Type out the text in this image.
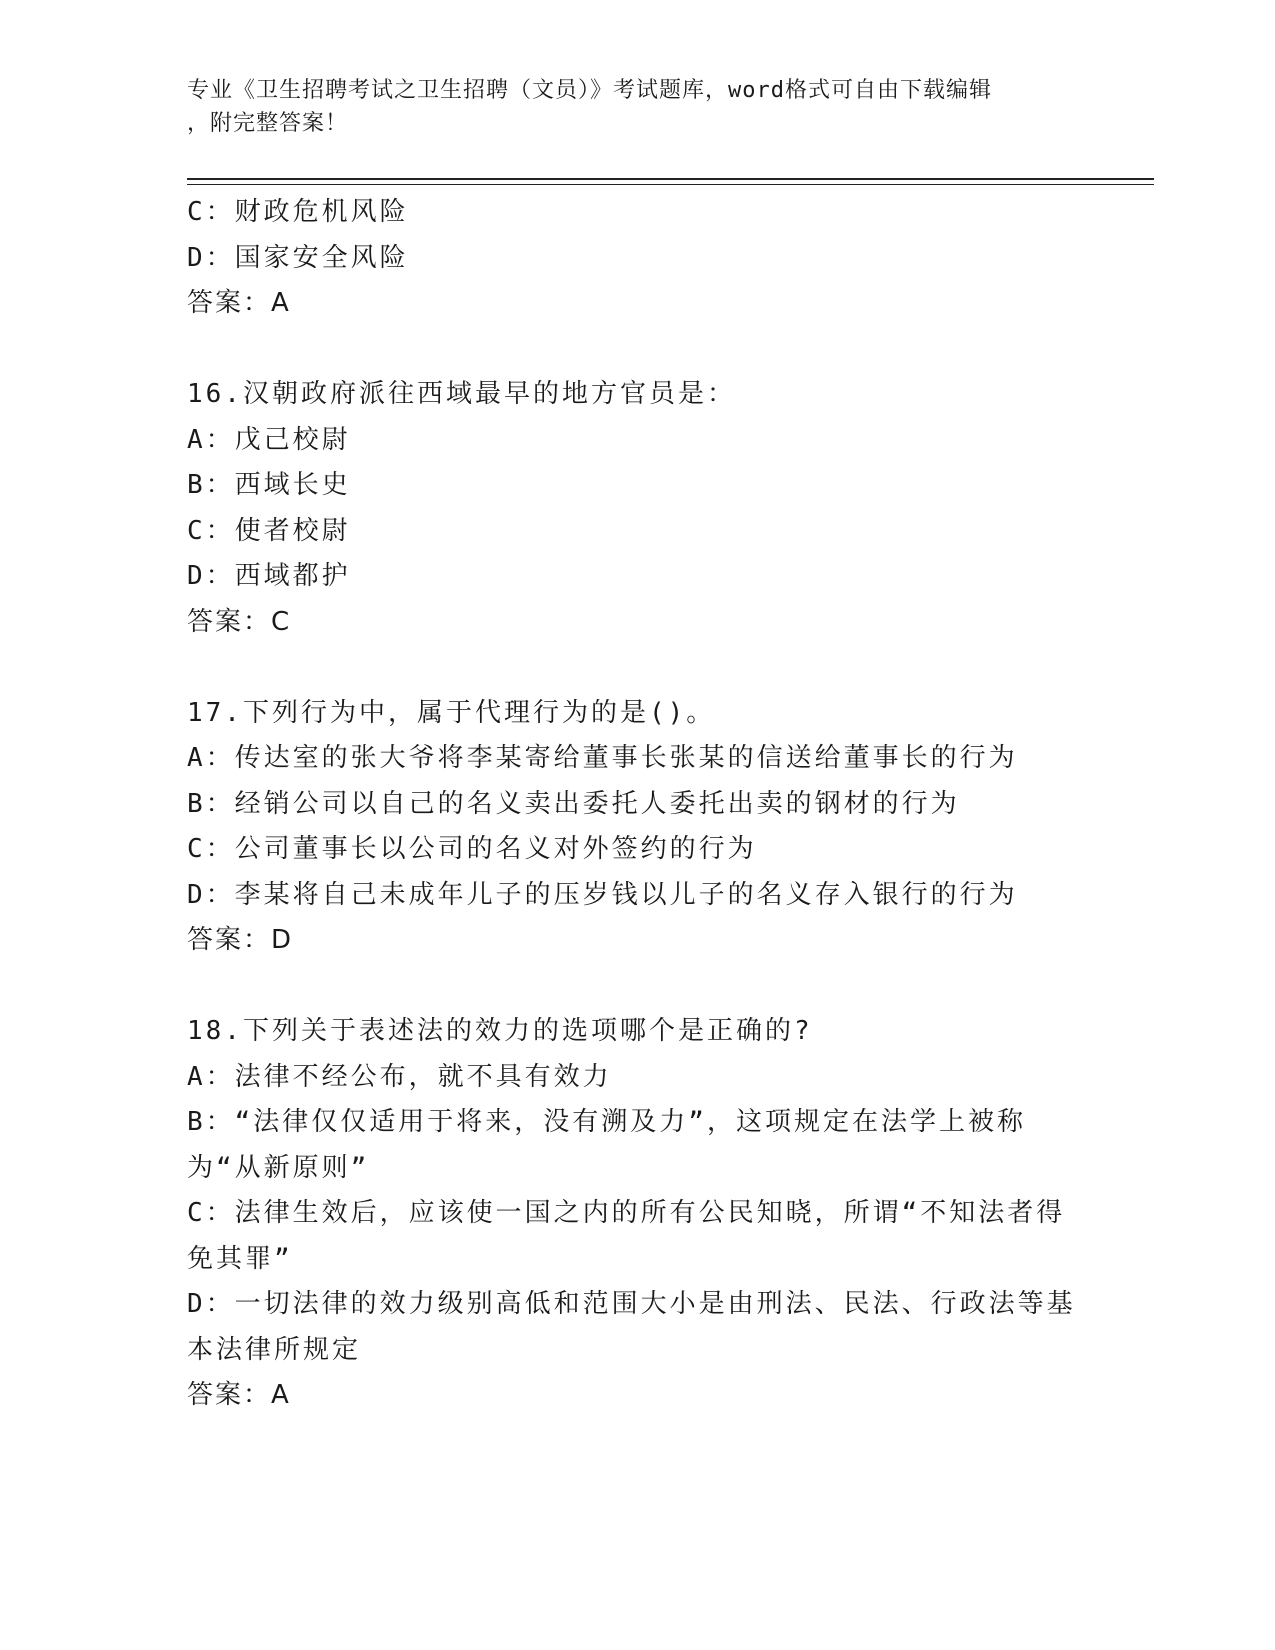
专业《卫生招聘考试之卫生招聘（文员）》考试题库，word格式可自由下载编辑
，附完整答案！
C：财政危机风险
D：国家安全风险
答案：A
16.汉朝政府派往西域最早的地方官员是：
A：戊己校尉
B：西域长史
C：使者校尉
D：西域都护
答案：C
17.下列行为中，属于代理行为的是()。
A：传达室的张大爷将李某寄给董事长张某的信送给董事长的行为
B：经销公司以自己的名义卖出委托人委托出卖的钢材的行为
C：公司董事长以公司的名义对外签约的行为
D：李某将自己未成年儿子的压岁钱以儿子的名义存入银行的行为
答案：D
18.下列关于表述法的效力的选项哪个是正确的?
A：法律不经公布，就不具有效力
B：“法律仅仅适用于将来，没有溯及力”，这项规定在法学上被称为“从新原则”
C：法律生效后，应该使一国之内的所有公民知晓，所谓“不知法者得免其罪”
D：一切法律的效力级别高低和范围大小是由刑法、民法、行政法等基本法律所规定
答案：A
